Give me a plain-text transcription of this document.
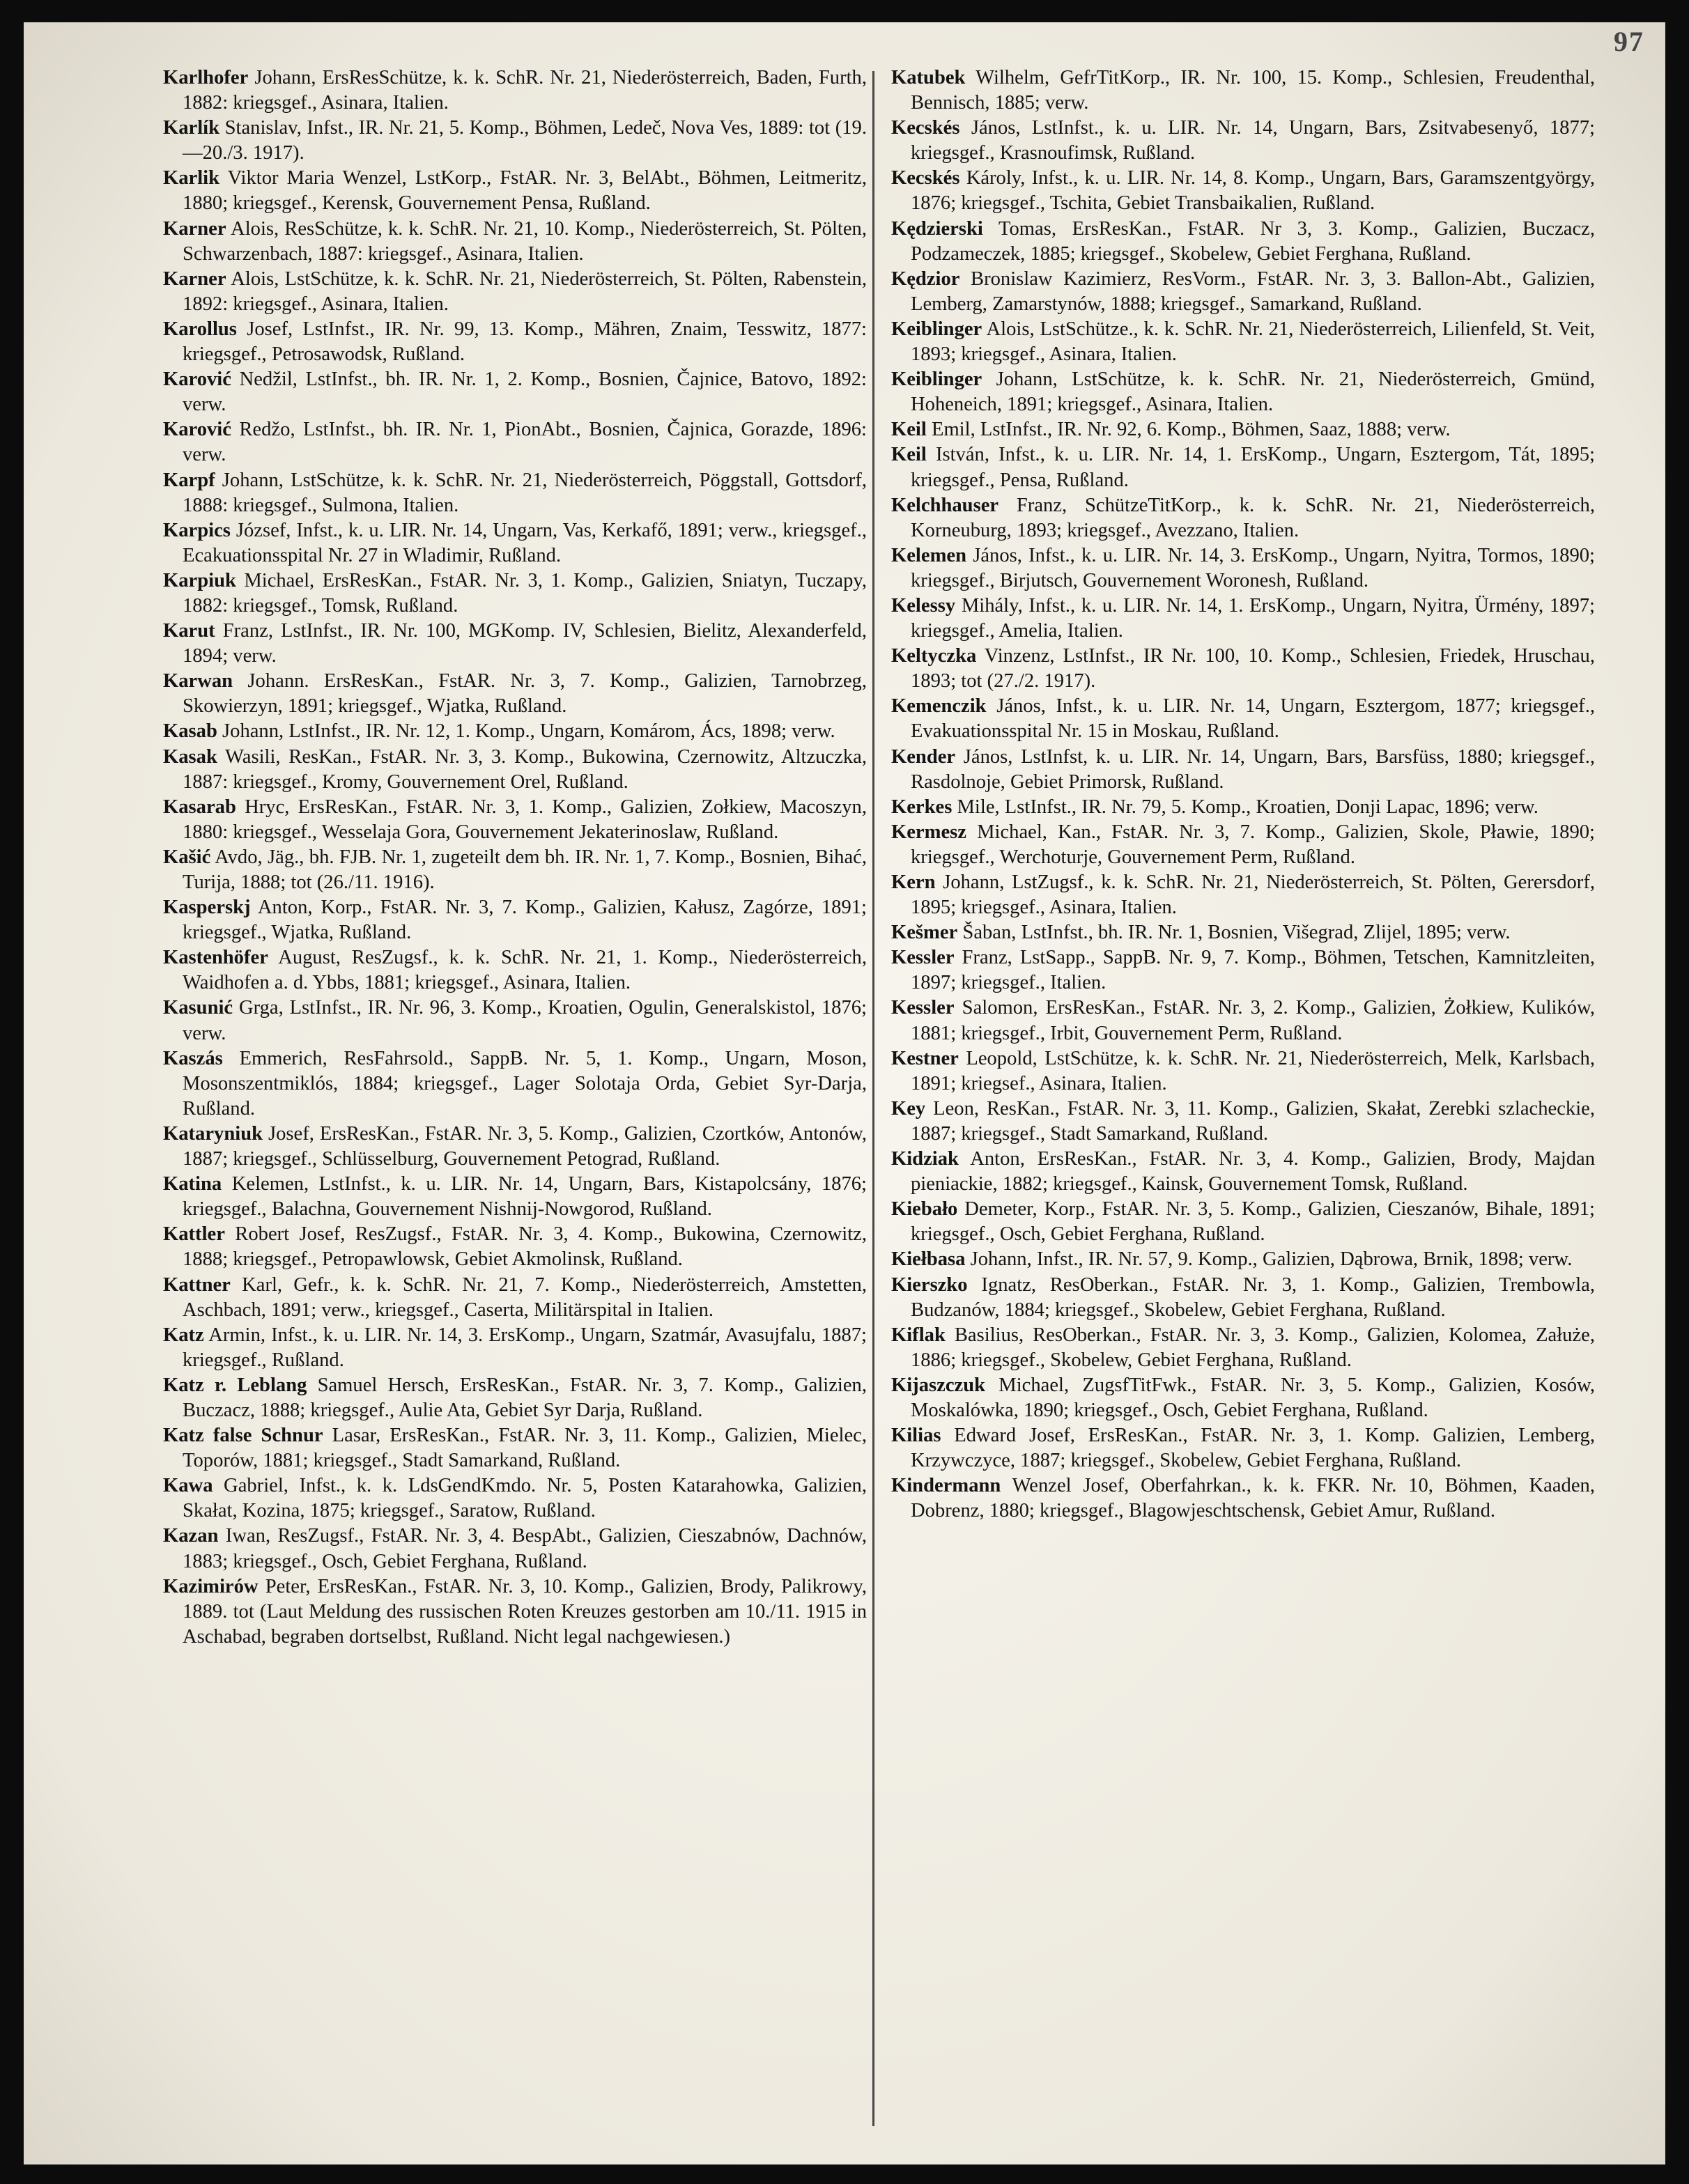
97
Karlhofer Johann, ErsResSchütze, k. k. SchR. Nr. 21, Niederösterreich, Baden, Furth, 1882: kriegsgef., Asinara, Italien.
Karlík Stanislav, Infst., IR. Nr. 21, 5. Komp., Böhmen, Ledeč, Nova Ves, 1889: tot (19.—20./3. 1917).
Karlik Viktor Maria Wenzel, LstKorp., FstAR. Nr. 3, BelAbt., Böhmen, Leitmeritz, 1880; kriegsgef., Kerensk, Gouvernement Pensa, Rußland.
Karner Alois, ResSchütze, k. k. SchR. Nr. 21, 10. Komp., Niederösterreich, St. Pölten, Schwarzenbach, 1887: kriegsgef., Asinara, Italien.
Karner Alois, LstSchütze, k. k. SchR. Nr. 21, Niederösterreich, St. Pölten, Rabenstein, 1892: kriegsgef., Asinara, Italien.
Karollus Josef, LstInfst., IR. Nr. 99, 13. Komp., Mähren, Znaim, Tesswitz, 1877: kriegsgef., Petrosawodsk, Rußland.
Karović Nedžil, LstInfst., bh. IR. Nr. 1, 2. Komp., Bosnien, Čajnice, Batovo, 1892: verw.
Karović Redžo, LstInfst., bh. IR. Nr. 1, PionAbt., Bosnien, Čajnica, Gorazde, 1896: verw.
Karpf Johann, LstSchütze, k. k. SchR. Nr. 21, Niederösterreich, Pöggstall, Gottsdorf, 1888: kriegsgef., Sulmona, Italien.
Karpics József, Infst., k. u. LIR. Nr. 14, Ungarn, Vas, Kerkafő, 1891; verw., kriegsgef., Ecakuationsspital Nr. 27 in Wladimir, Rußland.
Karpiuk Michael, ErsResKan., FstAR. Nr. 3, 1. Komp., Galizien, Sniatyn, Tuczapy, 1882: kriegsgef., Tomsk, Rußland.
Karut Franz, LstInfst., IR. Nr. 100, MGKomp. IV, Schlesien, Bielitz, Alexanderfeld, 1894; verw.
Karwan Johann. ErsResKan., FstAR. Nr. 3, 7. Komp., Galizien, Tarnobrzeg, Skowierzyn, 1891; kriegsgef., Wjatka, Rußland.
Kasab Johann, LstInfst., IR. Nr. 12, 1. Komp., Ungarn, Komárom, Ács, 1898; verw.
Kasak Wasili, ResKan., FstAR. Nr. 3, 3. Komp., Bukowina, Czernowitz, Altzuczka, 1887: kriegsgef., Kromy, Gouvernement Orel, Rußland.
Kasarab Hryc, ErsResKan., FstAR. Nr. 3, 1. Komp., Galizien, Zołkiew, Macoszyn, 1880: kriegsgef., Wesselaja Gora, Gouvernement Jekaterinoslaw, Rußland.
Kašić Avdo, Jäg., bh. FJB. Nr. 1, zugeteilt dem bh. IR. Nr. 1, 7. Komp., Bosnien, Bihać, Turija, 1888; tot (26./11. 1916).
Kasperskj Anton, Korp., FstAR. Nr. 3, 7. Komp., Galizien, Kałusz, Zagórze, 1891; kriegsgef., Wjatka, Rußland.
Kastenhöfer August, ResZugsf., k. k. SchR. Nr. 21, 1. Komp., Niederösterreich, Waidhofen a. d. Ybbs, 1881; kriegsgef., Asinara, Italien.
Kasunić Grga, LstInfst., IR. Nr. 96, 3. Komp., Kroatien, Ogulin, Generalskistol, 1876; verw.
Kaszás Emmerich, ResFahrsold., SappB. Nr. 5, 1. Komp., Ungarn, Moson, Mosonszentmiklós, 1884; kriegsgef., Lager Solotaja Orda, Gebiet Syr-Darja, Rußland.
Kataryniuk Josef, ErsResKan., FstAR. Nr. 3, 5. Komp., Galizien, Czortków, Antonów, 1887; kriegsgef., Schlüsselburg, Gouvernement Petograd, Rußland.
Katina Kelemen, LstInfst., k. u. LIR. Nr. 14, Ungarn, Bars, Kistapolcsány, 1876; kriegsgef., Balachna, Gouvernement Nishnij-Nowgorod, Rußland.
Kattler Robert Josef, ResZugsf., FstAR. Nr. 3, 4. Komp., Bukowina, Czernowitz, 1888; kriegsgef., Petropawlowsk, Gebiet Akmolinsk, Rußland.
Kattner Karl, Gefr., k. k. SchR. Nr. 21, 7. Komp., Niederösterreich, Amstetten, Aschbach, 1891; verw., kriegsgef., Caserta, Militärspital in Italien.
Katz Armin, Infst., k. u. LIR. Nr. 14, 3. ErsKomp., Ungarn, Szatmár, Avasujfalu, 1887; kriegsgef., Rußland.
Katz r. Leblang Samuel Hersch, ErsResKan., FstAR. Nr. 3, 7. Komp., Galizien, Buczacz, 1888; kriegsgef., Aulie Ata, Gebiet Syr Darja, Rußland.
Katz false Schnur Lasar, ErsResKan., FstAR. Nr. 3, 11. Komp., Galizien, Mielec, Toporów, 1881; kriegsgef., Stadt Samarkand, Rußland.
Kawa Gabriel, Infst., k. k. LdsGendKmdo. Nr. 5, Posten Katarahowka, Galizien, Skałat, Kozina, 1875; kriegsgef., Saratow, Rußland.
Kazan Iwan, ResZugsf., FstAR. Nr. 3, 4. BespAbt., Galizien, Cieszabnów, Dachnów, 1883; kriegsgef., Osch, Gebiet Ferghana, Rußland.
Kazimirów Peter, ErsResKan., FstAR. Nr. 3, 10. Komp., Galizien, Brody, Palikrowy, 1889. tot (Laut Meldung des russischen Roten Kreuzes gestorben am 10./11. 1915 in Aschabad, begraben dortselbst, Rußland. Nicht legal nachgewiesen.)
Katubek Wilhelm, GefrTitKorp., IR. Nr. 100, 15. Komp., Schlesien, Freudenthal, Bennisch, 1885; verw.
Kecskés János, LstInfst., k. u. LIR. Nr. 14, Ungarn, Bars, Zsitvabesenyő, 1877; kriegsgef., Krasnoufimsk, Rußland.
Kecskés Károly, Infst., k. u. LIR. Nr. 14, 8. Komp., Ungarn, Bars, Garamszentgyörgy, 1876; kriegsgef., Tschita, Gebiet Transbaikalien, Rußland.
Kędzierski Tomas, ErsResKan., FstAR. Nr 3, 3. Komp., Galizien, Buczacz, Podzameczek, 1885; kriegsgef., Skobelew, Gebiet Ferghana, Rußland.
Kędzior Bronislaw Kazimierz, ResVorm., FstAR. Nr. 3, 3. Ballon-Abt., Galizien, Lemberg, Zamarstynów, 1888; kriegsgef., Samarkand, Rußland.
Keiblinger Alois, LstSchütze., k. k. SchR. Nr. 21, Niederösterreich, Lilienfeld, St. Veit, 1893; kriegsgef., Asinara, Italien.
Keiblinger Johann, LstSchütze, k. k. SchR. Nr. 21, Niederösterreich, Gmünd, Hoheneich, 1891; kriegsgef., Asinara, Italien.
Keil Emil, LstInfst., IR. Nr. 92, 6. Komp., Böhmen, Saaz, 1888; verw.
Keil István, Infst., k. u. LIR. Nr. 14, 1. ErsKomp., Ungarn, Esztergom, Tát, 1895; kriegsgef., Pensa, Rußland.
Kelchhauser Franz, SchützeTitKorp., k. k. SchR. Nr. 21, Niederösterreich, Korneuburg, 1893; kriegsgef., Avezzano, Italien.
Kelemen János, Infst., k. u. LIR. Nr. 14, 3. ErsKomp., Ungarn, Nyitra, Tormos, 1890; kriegsgef., Birjutsch, Gouvernement Woronesh, Rußland.
Kelessy Mihály, Infst., k. u. LIR. Nr. 14, 1. ErsKomp., Ungarn, Nyitra, Ürmény, 1897; kriegsgef., Amelia, Italien.
Keltyczka Vinzenz, LstInfst., IR Nr. 100, 10. Komp., Schlesien, Friedek, Hruschau, 1893; tot (27./2. 1917).
Kemenczik János, Infst., k. u. LIR. Nr. 14, Ungarn, Esztergom, 1877; kriegsgef., Evakuationsspital Nr. 15 in Moskau, Rußland.
Kender János, LstInfst, k. u. LIR. Nr. 14, Ungarn, Bars, Barsfüss, 1880; kriegsgef., Rasdolnoje, Gebiet Primorsk, Rußland.
Kerkes Mile, LstInfst., IR. Nr. 79, 5. Komp., Kroatien, Donji Lapac, 1896; verw.
Kermesz Michael, Kan., FstAR. Nr. 3, 7. Komp., Galizien, Skole, Pławie, 1890; kriegsgef., Werchoturje, Gouvernement Perm, Rußland.
Kern Johann, LstZugsf., k. k. SchR. Nr. 21, Niederösterreich, St. Pölten, Gerersdorf, 1895; kriegsgef., Asinara, Italien.
Kešmer Šaban, LstInfst., bh. IR. Nr. 1, Bosnien, Višegrad, Zlijel, 1895; verw.
Kessler Franz, LstSapp., SappB. Nr. 9, 7. Komp., Böhmen, Tetschen, Kamnitzleiten, 1897; kriegsgef., Italien.
Kessler Salomon, ErsResKan., FstAR. Nr. 3, 2. Komp., Galizien, Żołkiew, Kulików, 1881; kriegsgef., Irbit, Gouvernement Perm, Rußland.
Kestner Leopold, LstSchütze, k. k. SchR. Nr. 21, Niederösterreich, Melk, Karlsbach, 1891; kriegsef., Asinara, Italien.
Key Leon, ResKan., FstAR. Nr. 3, 11. Komp., Galizien, Skałat, Zerebki szlacheckie, 1887; kriegsgef., Stadt Samarkand, Rußland.
Kidziak Anton, ErsResKan., FstAR. Nr. 3, 4. Komp., Galizien, Brody, Majdan pieniackie, 1882; kriegsgef., Kainsk, Gouvernement Tomsk, Rußland.
Kiebało Demeter, Korp., FstAR. Nr. 3, 5. Komp., Galizien, Cieszanów, Bihale, 1891; kriegsgef., Osch, Gebiet Ferghana, Rußland.
Kiełbasa Johann, Infst., IR. Nr. 57, 9. Komp., Galizien, Dąbrowa, Brnik, 1898; verw.
Kierszko Ignatz, ResOberkan., FstAR. Nr. 3, 1. Komp., Galizien, Trembowla, Budzanów, 1884; kriegsgef., Skobelew, Gebiet Ferghana, Rußland.
Kiflak Basilius, ResOberkan., FstAR. Nr. 3, 3. Komp., Galizien, Kolomea, Załuże, 1886; kriegsgef., Skobelew, Gebiet Ferghana, Rußland.
Kijaszczuk Michael, ZugsfTitFwk., FstAR. Nr. 3, 5. Komp., Galizien, Kosów, Moskalówka, 1890; kriegsgef., Osch, Gebiet Ferghana, Rußland.
Kilias Edward Josef, ErsResKan., FstAR. Nr. 3, 1. Komp. Galizien, Lemberg, Krzywczyce, 1887; kriegsgef., Skobelew, Gebiet Ferghana, Rußland.
Kindermann Wenzel Josef, Oberfahrkan., k. k. FKR. Nr. 10, Böhmen, Kaaden, Dobrenz, 1880; kriegsgef., Blagowjeschtschensk, Gebiet Amur, Rußland.
